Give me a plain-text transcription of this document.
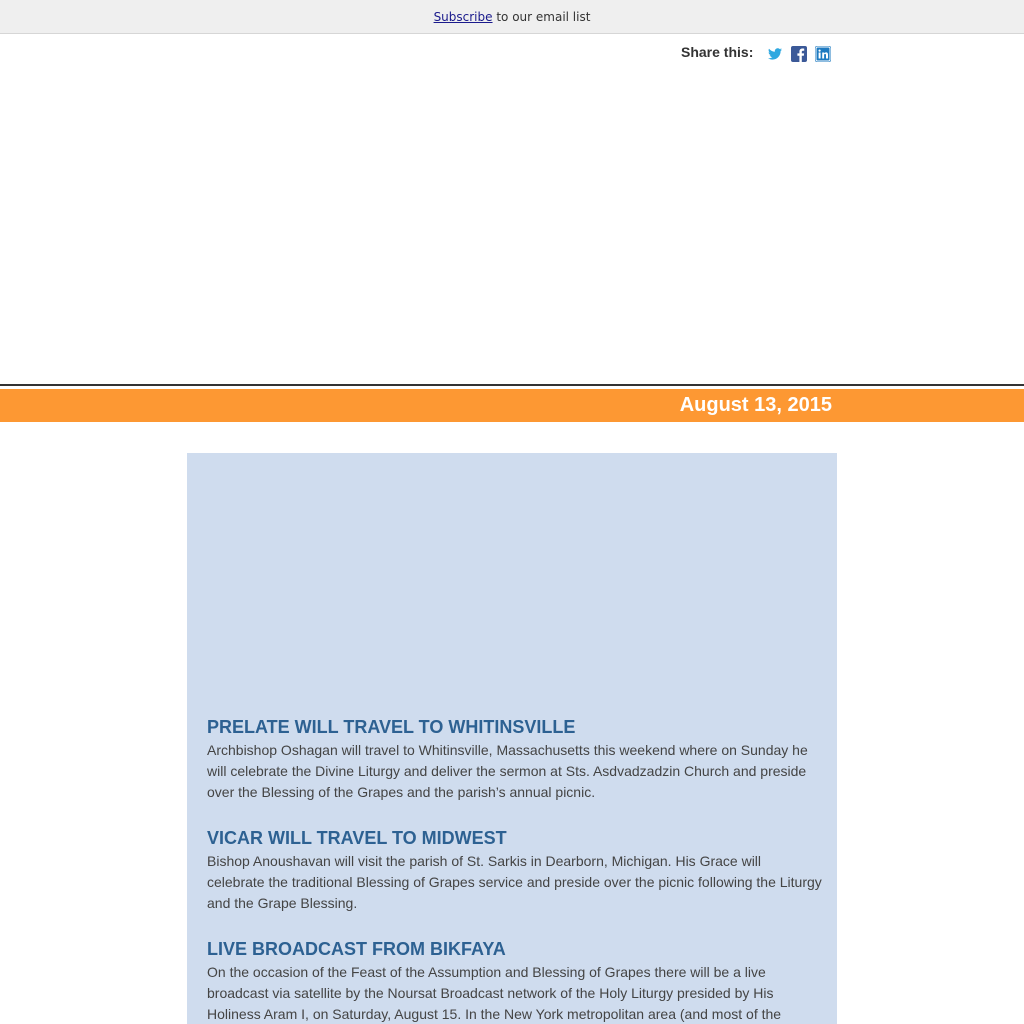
Subscribe to our email list
Share this:
August 13, 2015
PRELATE WILL TRAVEL TO WHITINSVILLE

Archbishop Oshagan will travel to Whitinsville, Massachusetts this weekend where on Sunday he will celebrate the Divine Liturgy and deliver the sermon at Sts. Asdvadzadzin Church and preside over the Blessing of the Grapes and the parish’s annual picnic.

VICAR WILL TRAVEL TO MIDWEST

Bishop Anoushavan will visit the parish of St. Sarkis in Dearborn, Michigan. His Grace will celebrate the traditional Blessing of Grapes service and preside over the picnic following the Liturgy and the Grape Blessing.

LIVE BROADCAST FROM BIKFAYA

On the occasion of the Feast of the Assumption and Blessing of Grapes there will be a live broadcast via satellite by the Noursat Broadcast network of the Holy Liturgy presided by His Holiness Aram I, on Saturday, August 15. In the New York metropolitan area (and most of the
